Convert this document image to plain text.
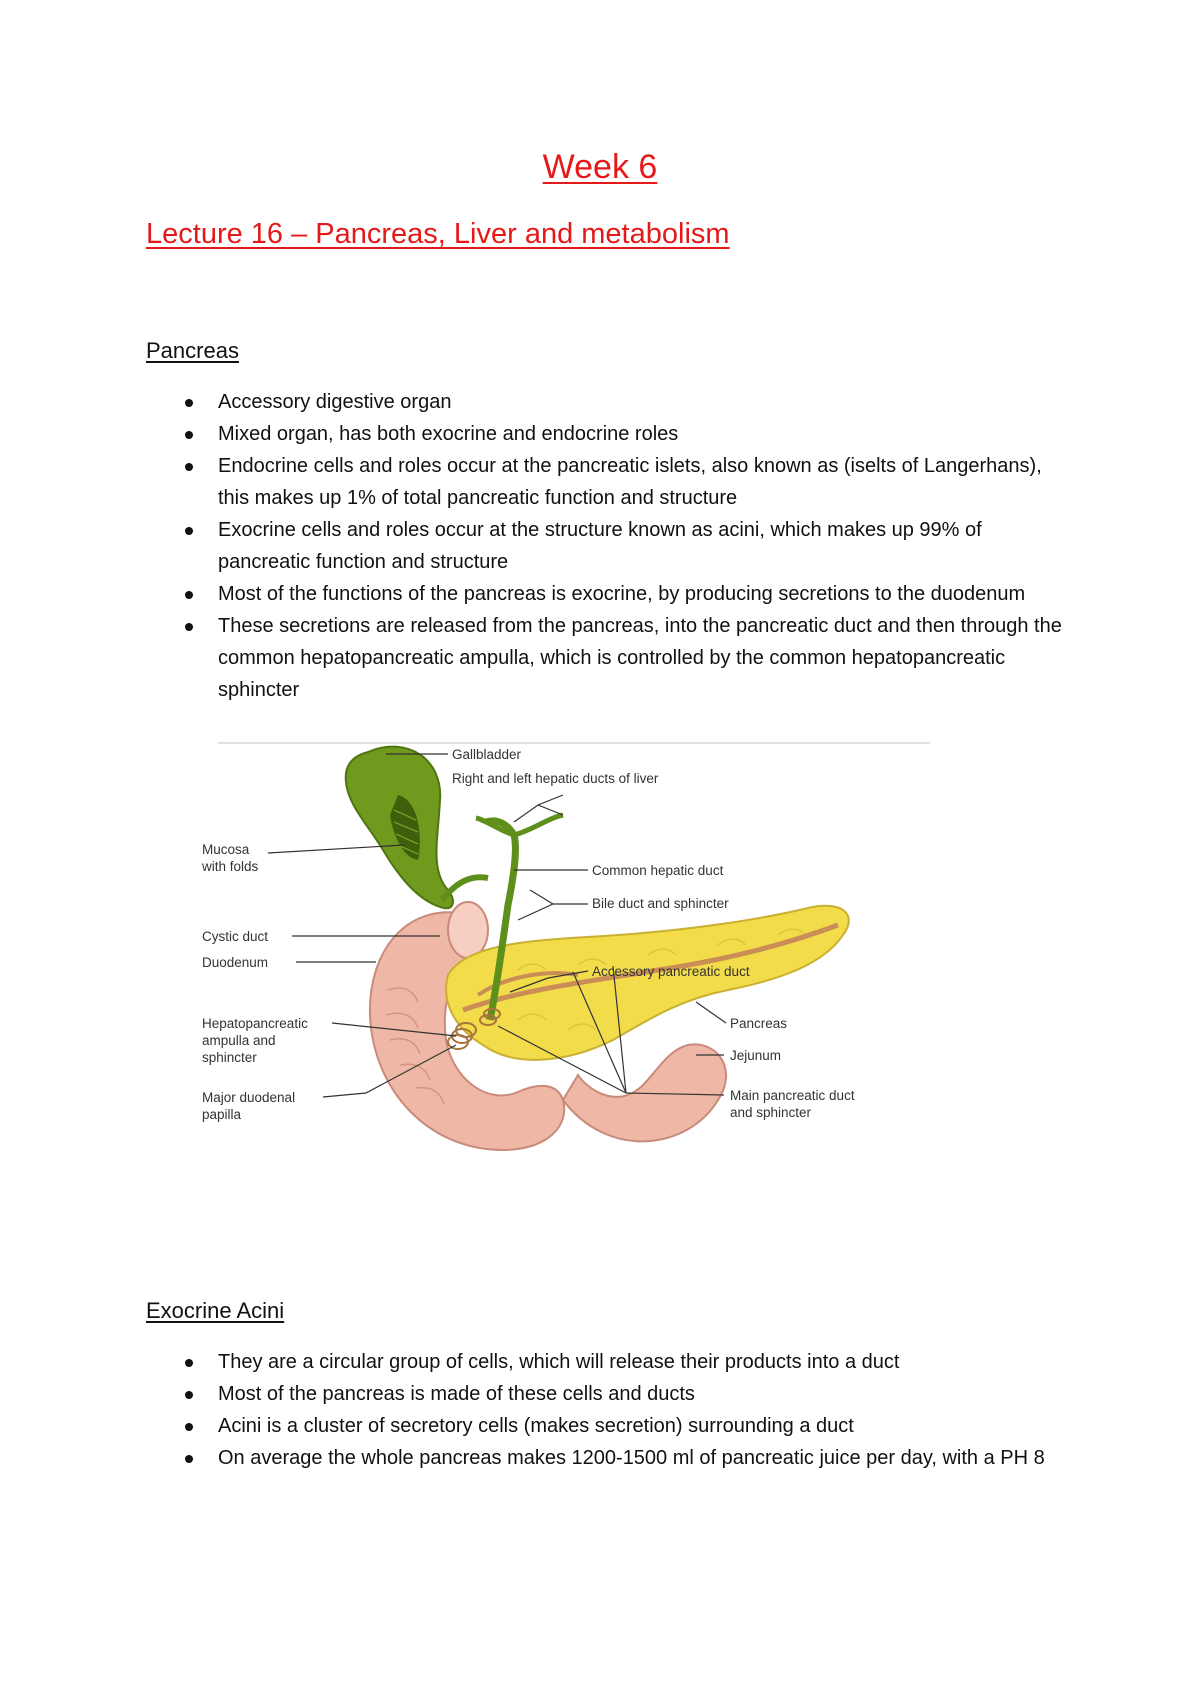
Week 6
Lecture 16 – Pancreas, Liver and metabolism
Pancreas
Accessory digestive organ
Mixed organ, has both exocrine and endocrine roles
Endocrine cells and roles occur at the pancreatic islets, also known as (iselts of Langerhans), this makes up 1% of total pancreatic function and structure
Exocrine cells and roles occur at the structure known as acini, which makes up 99% of pancreatic function and structure
Most of the functions of the pancreas is exocrine, by producing secretions to the duodenum
These secretions are released from the pancreas, into the pancreatic duct and then through the common hepatopancreatic ampulla, which is controlled by the common hepatopancreatic sphincter
Gallbladder
Right and left hepatic ducts of liver
Mucosa
with folds	Common hepatic duct
Bile duct and sphincter
Cystic duct
Duodenum
Accessory pancreatic duct
Hepatopancreatic
ampulla and
sphincter
Pancreas
Jejunum
Major duodenal
papilla
Main pancreatic duct
and sphincter
Exocrine Acini
They are a circular group of cells, which will release their products into a duct
Most of the pancreas is made of these cells and ducts
Acini is a cluster of secretory cells (makes secretion) surrounding a duct
On average the whole pancreas makes 1200-1500 ml of pancreatic juice per day, with a PH 8
